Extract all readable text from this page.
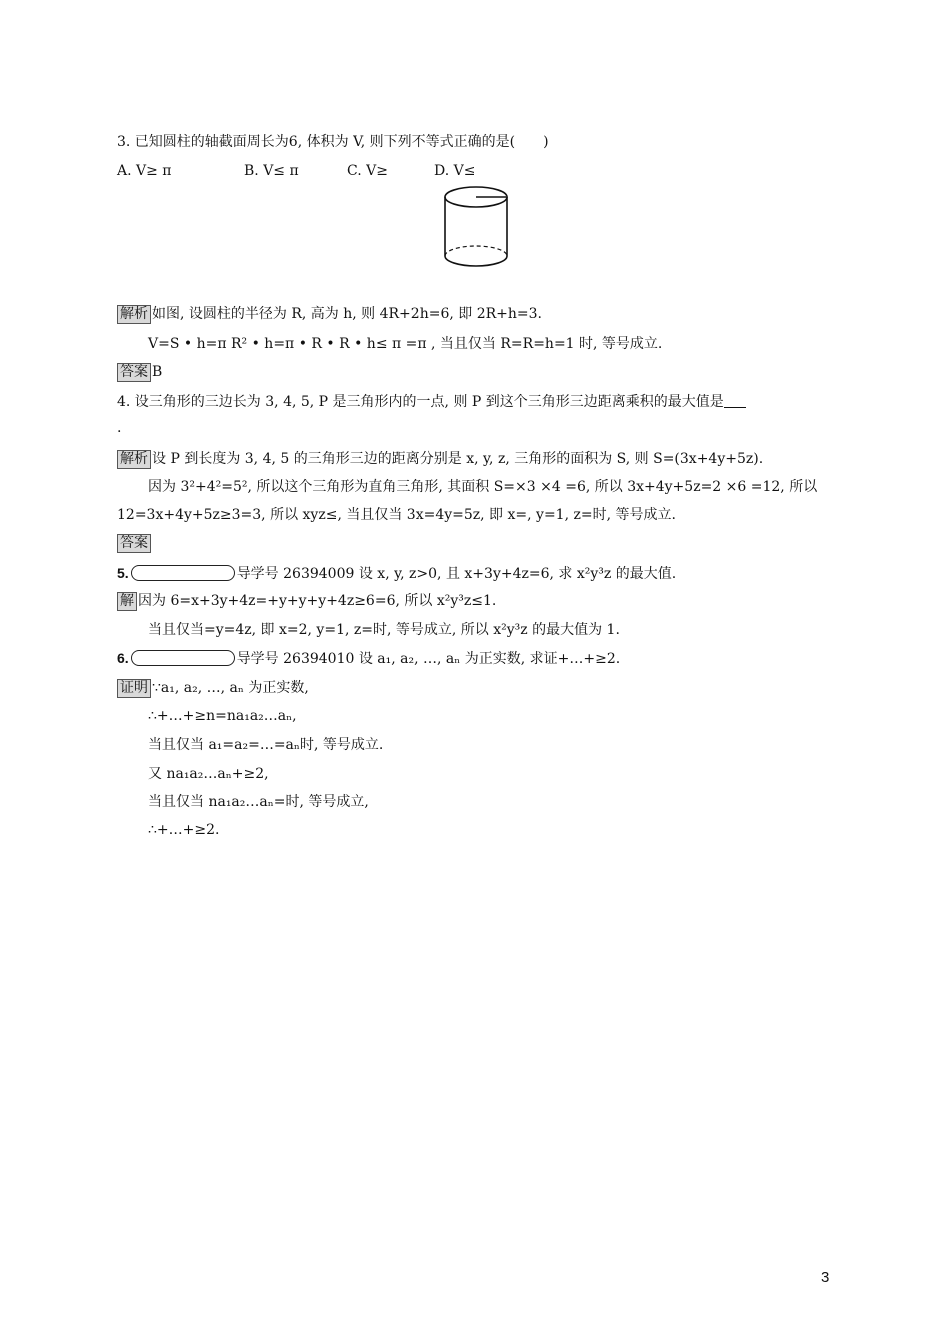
3. 已知圆柱的轴截面周长为6, 体积为 V, 则下列不等式正确的是(　　)
A. V≥ π	B. V≤ π	C. V≥	D. V≤
解析 如图, 设圆柱的半径为 R, 高为 h, 则 4R+2h=6, 即 2R+h=3.
V=S • h=π R² • h=π • R • R • h≤ π =π , 当且仅当 R=R=h=1 时, 等号成立.
答案 B
4. 设三角形的三边长为 3, 4, 5, P 是三角形内的一点, 则 P 到这个三角形三边距离乘积的最大值是
.
解析 设 P 到长度为 3, 4, 5 的三角形三边的距离分别是 x, y, z, 三角形的面积为 S, 则 S=(3x+4y+5z).
因为 3²+4²=5², 所以这个三角形为直角三角形, 其面积 S=×3 ×4 =6, 所以 3x+4y+5z=2 ×6 =12, 所以
12=3x+4y+5z≥3=3, 所以 xyz≤, 当且仅当 3x=4y=5z, 即 x=, y=1, z=时, 等号成立.
答案
5.	导学号 26394009 设 x, y, z>0, 且 x+3y+4z=6, 求 x²y³z 的最大值.
解 因为 6=x+3y+4z=+y+y+y+4z≥6=6, 所以 x²y³z≤1.
当且仅当=y=4z, 即 x=2, y=1, z=时, 等号成立, 所以 x²y³z 的最大值为 1.
6.	导学号 26394010 设 a₁, a₂, …, aₙ 为正实数, 求证+…+≥2.
证明 ∵a₁, a₂, …, aₙ 为正实数,
∴+…+≥n=na₁a₂…aₙ,
当且仅当 a₁=a₂=…=aₙ时, 等号成立.
又 na₁a₂…aₙ+≥2,
当且仅当 na₁a₂…aₙ=时, 等号成立,
∴+…+≥2.
3
